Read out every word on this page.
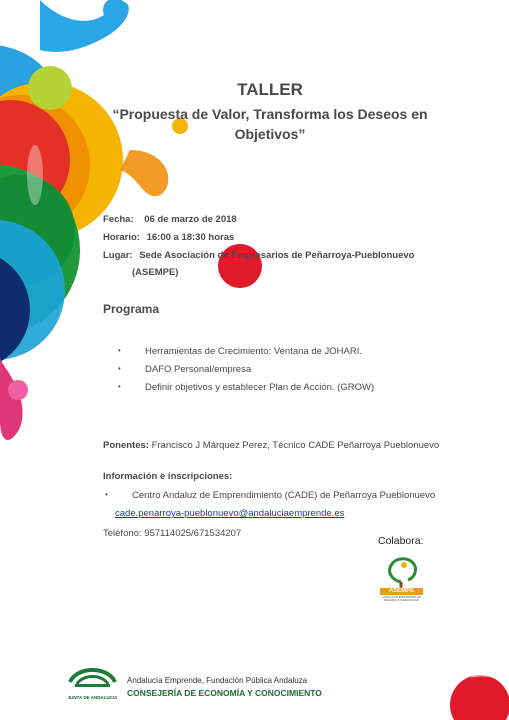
TALLER
“Propuesta de Valor, Transforma los Deseos en Objetivos”
Fecha: 06 de marzo de 2018
Horario: 16:00 a 18:30 horas
Lugar: Sede Asociación de Empresarios de Peñarroya-Pueblonuevo
(ASEMPE)
Programa
•	Herramientas de Crecimiento: Ventana de JOHARI.
•	DAFO Personal/empresa
•	Definir objetivos y establecer Plan de Acción. (GROW)
Ponentes: Francisco J Márquez Perez, Técnico CADE Peñarroya Pueblonuevo
Información e inscripciones:
•	Centro Andaluz de Emprendimiento (CADE) de Peñarroya Pueblonuevo
cade.penarroya-pueblonuevo@andaluciaemprende.es
Teléfono: 957114025/671534207
Colabora:
ASEMPE
ASOCIACIÓN EMPRESARIAL DE PEÑARROYA-PUEBLONUEVO
JUNTA DE ANDALUCIA
Andalucía Emprende, Fundación Pública Andaluza
CONSEJERÍA DE ECONOMÍA Y CONOCIMIENTO
